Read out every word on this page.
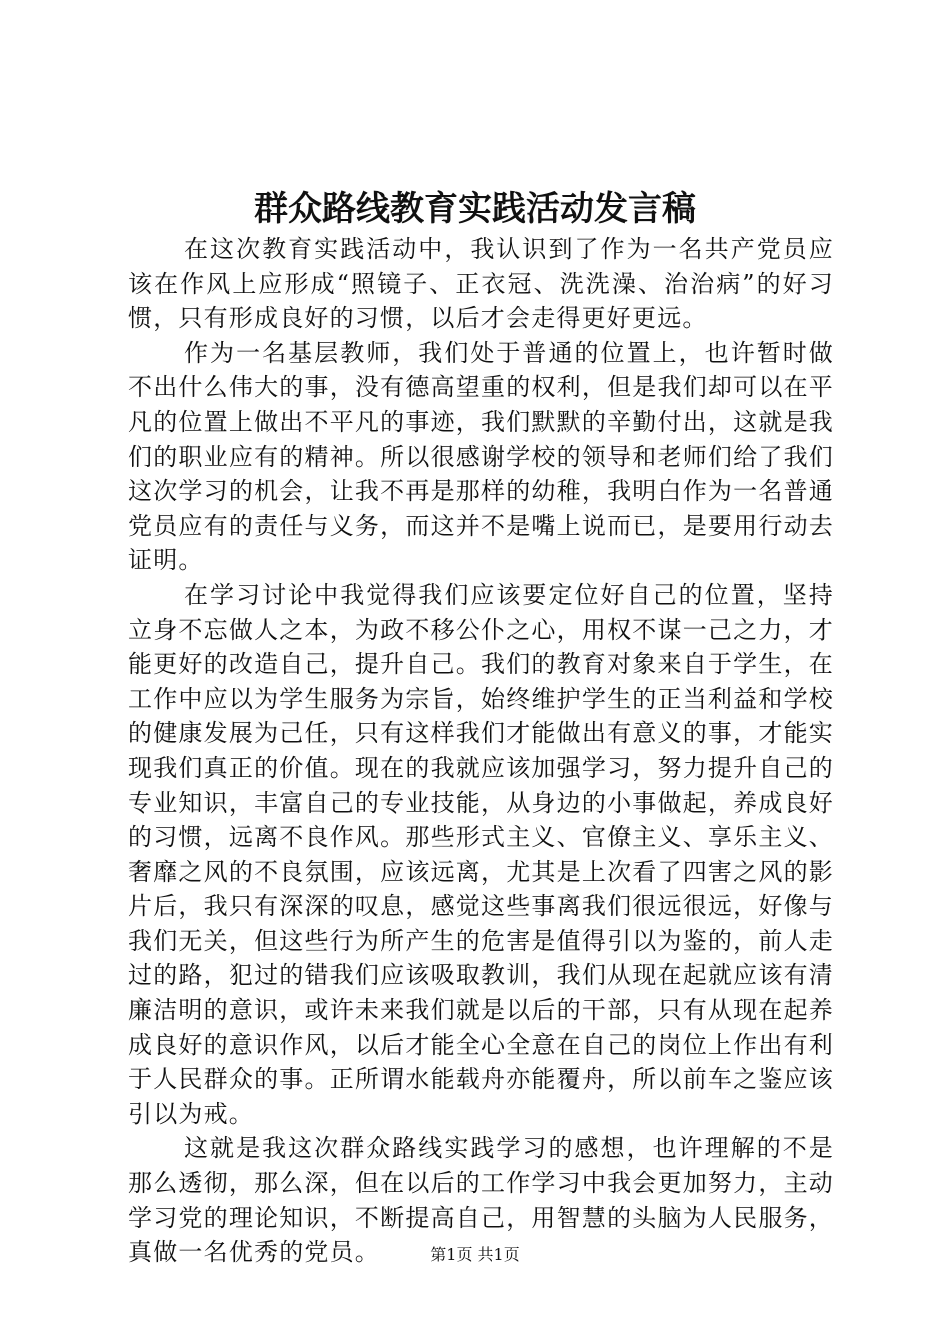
群众路线教育实践活动发言稿

在这次教育实践活动中，我认识到了作为一名共产党员应该在作风上应形成“照镜子、正衣冠、洗洗澡、治治病”的好习惯，只有形成良好的习惯，以后才会走得更好更远。

作为一名基层教师，我们处于普通的位置上，也许暂时做不出什么伟大的事，没有德高望重的权利，但是我们却可以在平凡的位置上做出不平凡的事迹，我们默默的辛勤付出，这就是我们的职业应有的精神。所以很感谢学校的领导和老师们给了我们这次学习的机会，让我不再是那样的幼稚，我明白作为一名普通党员应有的责任与义务，而这并不是嘴上说而已，是要用行动去证明。

在学习讨论中我觉得我们应该要定位好自己的位置，坚持立身不忘做人之本，为政不移公仆之心，用权不谋一己之力，才能更好的改造自己，提升自己。我们的教育对象来自于学生，在工作中应以为学生服务为宗旨，始终维护学生的正当利益和学校的健康发展为己任，只有这样我们才能做出有意义的事，才能实现我们真正的价值。现在的我就应该加强学习，努力提升自己的专业知识，丰富自己的专业技能，从身边的小事做起，养成良好的习惯，远离不良作风。那些形式主义、官僚主义、享乐主义、奢靡之风的不良氛围，应该远离，尤其是上次看了四害之风的影片后，我只有深深的叹息，感觉这些事离我们很远很远，好像与我们无关，但这些行为所产生的危害是值得引以为鉴的，前人走过的路，犯过的错我们应该吸取教训，我们从现在起就应该有清廉洁明的意识，或许未来我们就是以后的干部，只有从现在起养成良好的意识作风，以后才能全心全意在自己的岗位上作出有利于人民群众的事。正所谓水能载舟亦能覆舟，所以前车之鉴应该引以为戒。

这就是我这次群众路线实践学习的感想，也许理解的不是那么透彻，那么深，但在以后的工作学习中我会更加努力，主动学习党的理论知识，不断提高自己，用智慧的头脑为人民服务，真做一名优秀的党员。	第1页 共1页
